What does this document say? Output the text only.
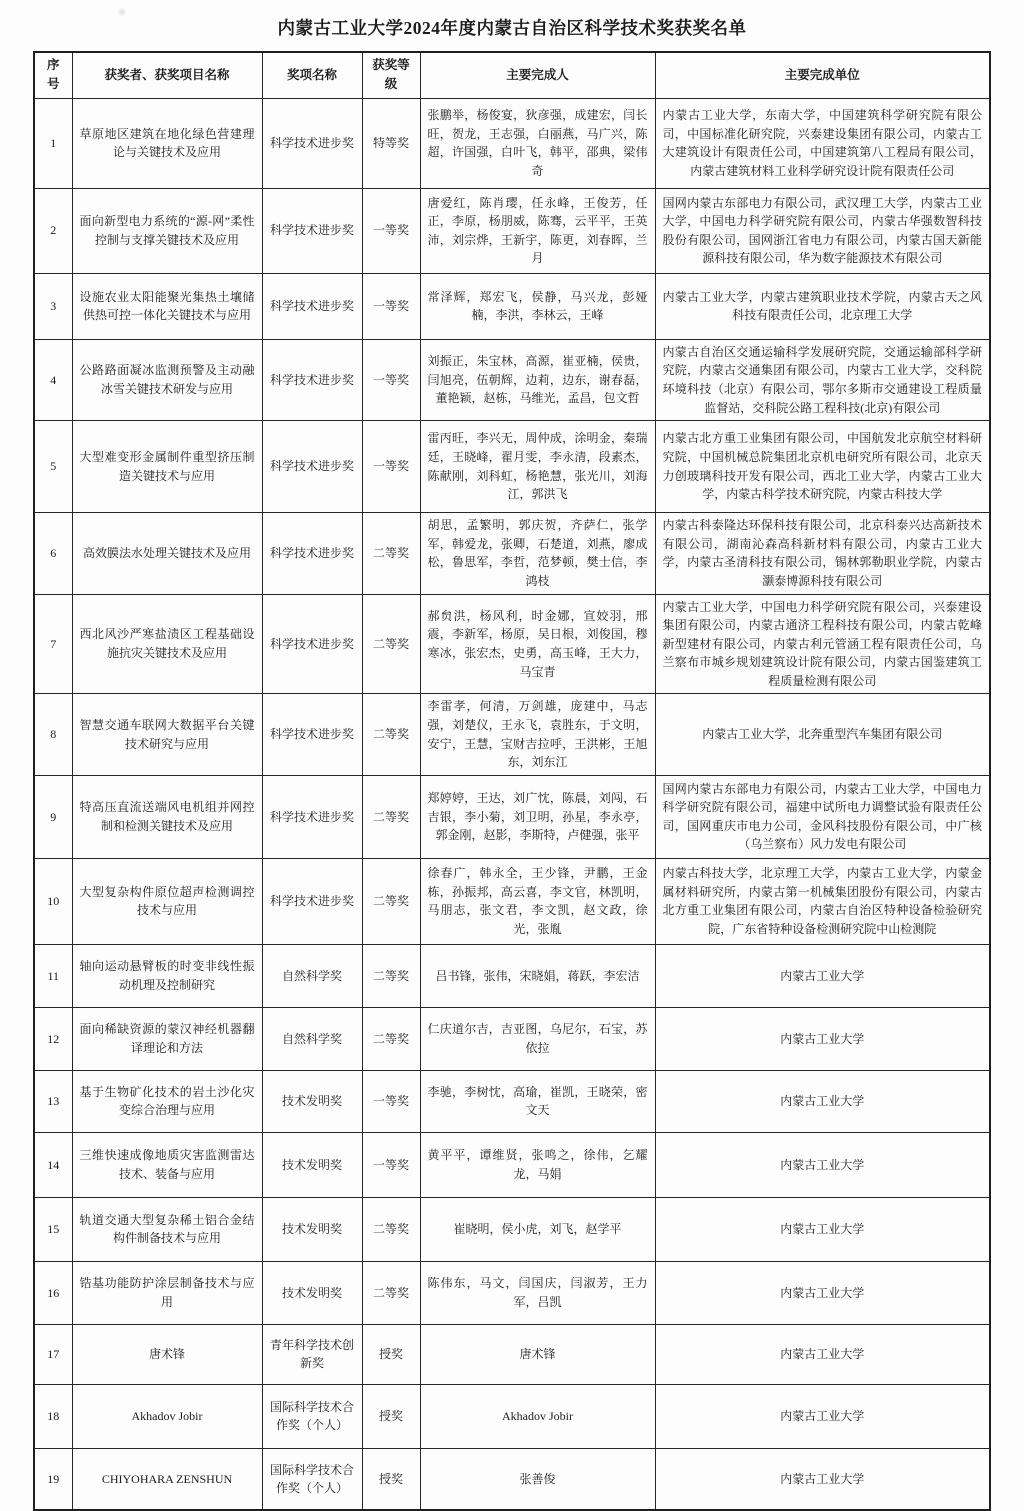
内蒙古工业大学2024年度内蒙古自治区科学技术奖获奖名单
序号	获奖者、获奖项目名称	奖项名称	获奖等级	主要完成人	主要完成单位
1	草原地区建筑在地化绿色营建理论与关键技术及应用	科学技术进步奖	特等奖	张鹏举，杨俊宴，狄彦强，成建宏，闫长旺，贺龙，王志强，白丽燕，马广兴，陈超，许国强，白叶飞，韩平，邵典，梁伟奇	内蒙古工业大学，东南大学，中国建筑科学研究院有限公司，中国标准化研究院，兴泰建设集团有限公司，内蒙古工大建筑设计有限责任公司，中国建筑第八工程局有限公司，内蒙古建筑材料工业科学研究设计院有限责任公司
2	面向新型电力系统的“源-网”柔性控制与支撑关键技术及应用	科学技术进步奖	一等奖	唐爱红，陈肖璎，任永峰，王俊芳，任正，李原，杨朋威，陈骞，云平平，王英沛，刘宗烨，王新宇，陈更，刘春晖，兰月	国网内蒙古东部电力有限公司，武汉理工大学，内蒙古工业大学，中国电力科学研究院有限公司，内蒙古华强数智科技股份有限公司，国网浙江省电力有限公司，内蒙古国天新能源科技有限公司，华为数字能源技术有限公司
3	设施农业太阳能聚光集热土壤储供热可控一体化关键技术与应用	科学技术进步奖	一等奖	常泽辉，郑宏飞，侯静，马兴龙，彭娅楠，李洪，李林云，王峰	内蒙古工业大学，内蒙古建筑职业技术学院，内蒙古天之风科技有限责任公司，北京理工大学
4	公路路面凝冰监测预警及主动融冰雪关键技术研发与应用	科学技术进步奖	一等奖	刘振正，朱宝林，高源，崔亚楠，侯贵，闫旭亮，伍朝辉，边莉，边东，谢春磊，董艳颖，赵栋，马维光，孟昌，包文哲	内蒙古自治区交通运输科学发展研究院，交通运输部科学研究院，内蒙古交通集团有限公司，内蒙古工业大学，交科院环境科技（北京）有限公司，鄂尔多斯市交通建设工程质量监督站，交科院公路工程科技(北京)有限公司
5	大型难变形金属制件重型挤压制造关键技术与应用	科学技术进步奖	一等奖	雷丙旺，李兴无，周仲成，涂明金，秦瑞廷，王晓峰，翟月雯，李永清，段素杰，陈献刚，刘科虹，杨艳慧，张光川，刘海江，郭洪飞	内蒙古北方重工业集团有限公司，中国航发北京航空材料研究院，中国机械总院集团北京机电研究所有限公司，北京天力创玻璃科技开发有限公司，西北工业大学，内蒙古工业大学，内蒙古科学技术研究院，内蒙古科技大学
6	高效膜法水处理关键技术及应用	科学技术进步奖	二等奖	胡思，孟繁明，郭庆贺，齐萨仁，张学军，韩爱龙，张卿，石楚道，刘燕，廖成松，鲁思军，李哲，范梦顿，樊士信，李鸿枝	内蒙古科泰隆达环保科技有限公司，北京科泰兴达高新技术有限公司，湖南沁森高科新材料有限公司，内蒙古工业大学，内蒙古圣清科技有限公司，锡林郭勒职业学院，内蒙古灏泰博源科技有限公司
7	西北风沙严寒盐渍区工程基础设施抗灾关键技术及应用	科学技术进步奖	二等奖	郝贠洪，杨风利，时金娜，宣姣羽，邢震，李新军，杨原，吴日根，刘俊国，穆寒冰，张宏杰，史勇，高玉峰，王大力，马宝青	内蒙古工业大学，中国电力科学研究院有限公司，兴泰建设集团有限公司，内蒙古通济工程科技有限公司，内蒙古乾峰新型建材有限公司，内蒙古利元管涵工程有限责任公司，乌兰察布市城乡规划建筑设计院有限公司，内蒙古国鉴建筑工程质量检测有限公司
8	智慧交通车联网大数据平台关键技术研究与应用	科学技术进步奖	二等奖	李雷孝，何清，万剑雄，庞建中，马志强，刘楚仪，王永飞，袁胜东，于文明，安宁，王慧，宝财吉拉呼，王洪彬，王旭东，刘东江	内蒙古工业大学，北奔重型汽车集团有限公司
9	特高压直流送端风电机组并网控制和检测关键技术及应用	科学技术进步奖	二等奖	郑婷婷，王达，刘广忱，陈晨，刘闯，石吉银，李小菊，刘卫明，孙星，李永亭，郭金刚，赵影，李斯特，卢健强，张平	国网内蒙古东部电力有限公司，内蒙古工业大学，中国电力科学研究院有限公司，福建中试所电力调整试验有限责任公司，国网重庆市电力公司，金风科技股份有限公司，中广核（乌兰察布）风力发电有限公司
10	大型复杂构件原位超声检测调控技术与应用	科学技术进步奖	二等奖	徐春广，韩永全，王少锋，尹鹏，王金栋，孙振邦，高云喜，李文官，林凯明，马朋志，张文君，李文凯，赵文政，徐光，张胤	内蒙古科技大学，北京理工大学，内蒙古工业大学，内蒙金属材料研究所，内蒙古第一机械集团股份有限公司，内蒙古北方重工业集团有限公司，内蒙古自治区特种设备检验研究院，广东省特种设备检测研究院中山检测院
11	轴向运动悬臂板的时变非线性振动机理及控制研究	自然科学奖	二等奖	吕书锋，张伟，宋晓娟，蒋跃，李宏洁	内蒙古工业大学
12	面向稀缺资源的蒙汉神经机器翻译理论和方法	自然科学奖	二等奖	仁庆道尔吉，吉亚图，乌尼尔，石宝，苏依拉	内蒙古工业大学
13	基于生物矿化技术的岩土沙化灾变综合治理与应用	技术发明奖	一等奖	李驰，李树忱，高瑜，崔凯，王晓荣，密文天	内蒙古工业大学
14	三维快速成像地质灾害监测雷达技术、装备与应用	技术发明奖	一等奖	黄平平，谭维贤，张鸣之，徐伟，乞耀龙，马娟	内蒙古工业大学
15	轨道交通大型复杂稀土铝合金结构件制备技术与应用	技术发明奖	二等奖	崔晓明，侯小虎，刘飞，赵学平	内蒙古工业大学
16	锆基功能防护涂层制备技术与应用	技术发明奖	二等奖	陈伟东，马文，闫国庆，闫淑芳，王力军，吕凯	内蒙古工业大学
17	唐术锋	青年科学技术创新奖	授奖	唐术锋	内蒙古工业大学
18	Akhadov Jobir	国际科学技术合作奖（个人）	授奖	Akhadov Jobir	内蒙古工业大学
19	CHIYOHARA ZENSHUN	国际科学技术合作奖（个人）	授奖	张善俊	内蒙古工业大学
